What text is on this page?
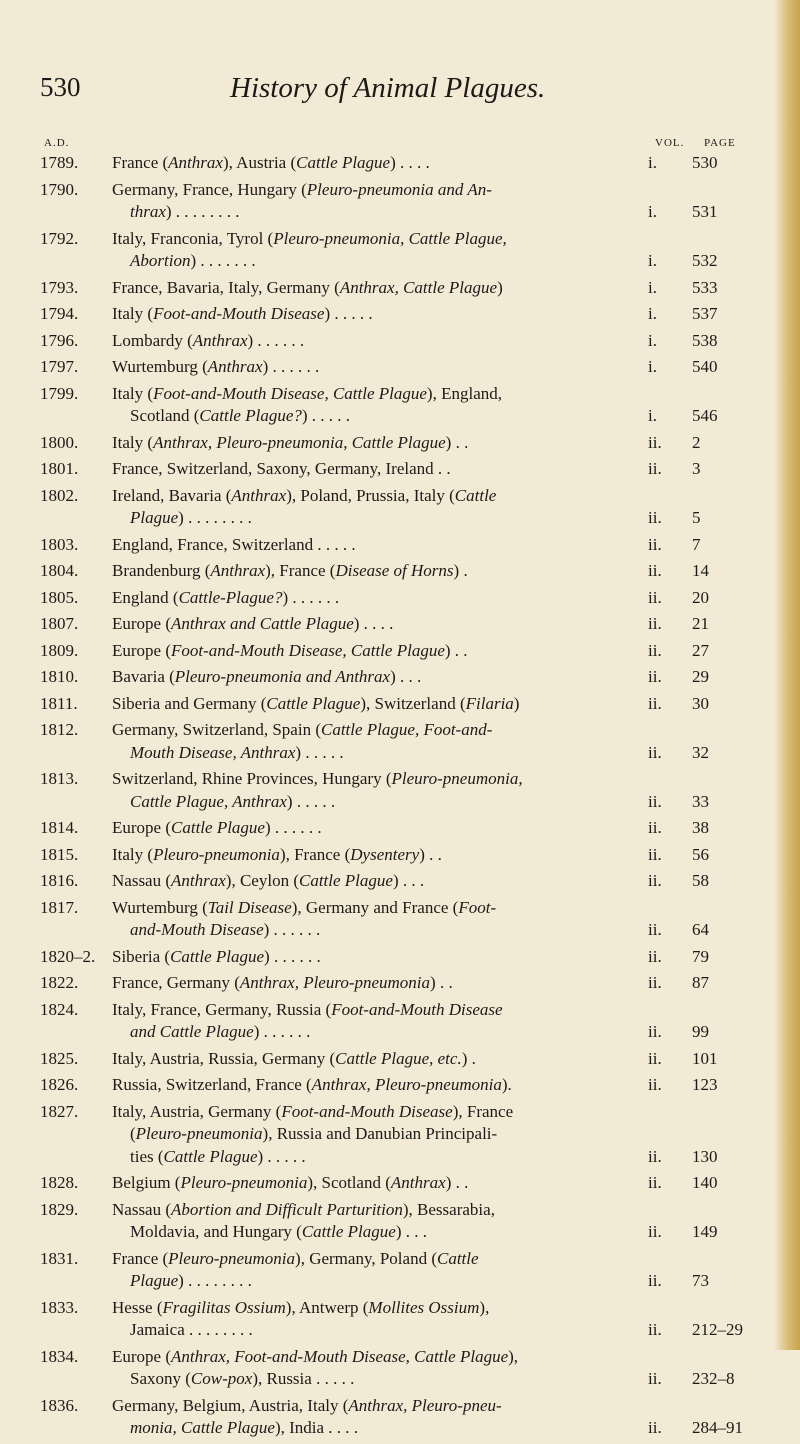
530	History of Animal Plagues.
A.D.	VOL. PAGE
1789.	France (Anthrax), Austria (Cattle Plague) . . . .	i. 530
1790.	Germany, France, Hungary (Pleuro-pneumonia and An-
thrax) . . . . . . . .	i. 531
1792.	Italy, Franconia, Tyrol (Pleuro-pneumonia, Cattle Plague,
Abortion) . . . . . . .	i. 532
1793.	France, Bavaria, Italy, Germany (Anthrax, Cattle Plague)	i. 533
1794.	Italy (Foot-and-Mouth Disease) . . . . .	i. 537
1796.	Lombardy (Anthrax) . . . . . .	i. 538
1797.	Wurtemburg (Anthrax) . . . . . .	i. 540
1799.	Italy (Foot-and-Mouth Disease, Cattle Plague), England,
Scotland (Cattle Plague?) . . . . .	i. 546
1800.	Italy (Anthrax, Pleuro-pneumonia, Cattle Plague) . .	ii. 2
1801.	France, Switzerland, Saxony, Germany, Ireland . .	ii. 3
1802.	Ireland, Bavaria (Anthrax), Poland, Prussia, Italy (Cattle
Plague) . . . . . . . .	ii. 5
1803.	England, France, Switzerland . . . . .	ii. 7
1804.	Brandenburg (Anthrax), France (Disease of Horns) .	ii. 14
1805.	England (Cattle-Plague?) . . . . . .	ii. 20
1807.	Europe (Anthrax and Cattle Plague) . . . .	ii. 21
1809.	Europe (Foot-and-Mouth Disease, Cattle Plague) . .	ii. 27
1810.	Bavaria (Pleuro-pneumonia and Anthrax) . . .	ii. 29
1811.	Siberia and Germany (Cattle Plague), Switzerland (Filaria)	ii. 30
1812.	Germany, Switzerland, Spain (Cattle Plague, Foot-and-
Mouth Disease, Anthrax) . . . . .	ii. 32
1813.	Switzerland, Rhine Provinces, Hungary (Pleuro-pneumonia,
Cattle Plague, Anthrax) . . . . .	ii. 33
1814.	Europe (Cattle Plague) . . . . . .	ii. 38
1815.	Italy (Pleuro-pneumonia), France (Dysentery) . .	ii. 56
1816.	Nassau (Anthrax), Ceylon (Cattle Plague) . . .	ii. 58
1817.	Wurtemburg (Tail Disease), Germany and France (Foot-
and-Mouth Disease) . . . . . .	ii. 64
1820–2. Siberia (Cattle Plague) . . . . . .	ii. 79
1822.	France, Germany (Anthrax, Pleuro-pneumonia) . .	ii. 87
1824.	Italy, France, Germany, Russia (Foot-and-Mouth Disease
and Cattle Plague) . . . . . .	ii. 99
1825.	Italy, Austria, Russia, Germany (Cattle Plague, etc.) .	ii. 101
1826.	Russia, Switzerland, France (Anthrax, Pleuro-pneumonia).	ii. 123
1827.	Italy, Austria, Germany (Foot-and-Mouth Disease), France
(Pleuro-pneumonia), Russia and Danubian Principali-
ties (Cattle Plague) . . . . .	ii. 130
1828.	Belgium (Pleuro-pneumonia), Scotland (Anthrax) . .	ii. 140
1829.	Nassau (Abortion and Difficult Parturition), Bessarabia,
Moldavia, and Hungary (Cattle Plague) . . .	ii. 149
1831.	France (Pleuro-pneumonia), Germany, Poland (Cattle
Plague) . . . . . . . .	ii. 73
1833.	Hesse (Fragilitas Ossium), Antwerp (Mollites Ossium),
Jamaica . . . . . . . .	ii. 212–29
1834.	Europe (Anthrax, Foot-and-Mouth Disease, Cattle Plague),
Saxony (Cow-pox), Russia . . . . .	ii. 232–8
1836.	Germany, Belgium, Austria, Italy (Anthrax, Pleuro-pneu-
monia, Cattle Plague), India . . . .	ii. 284–91
